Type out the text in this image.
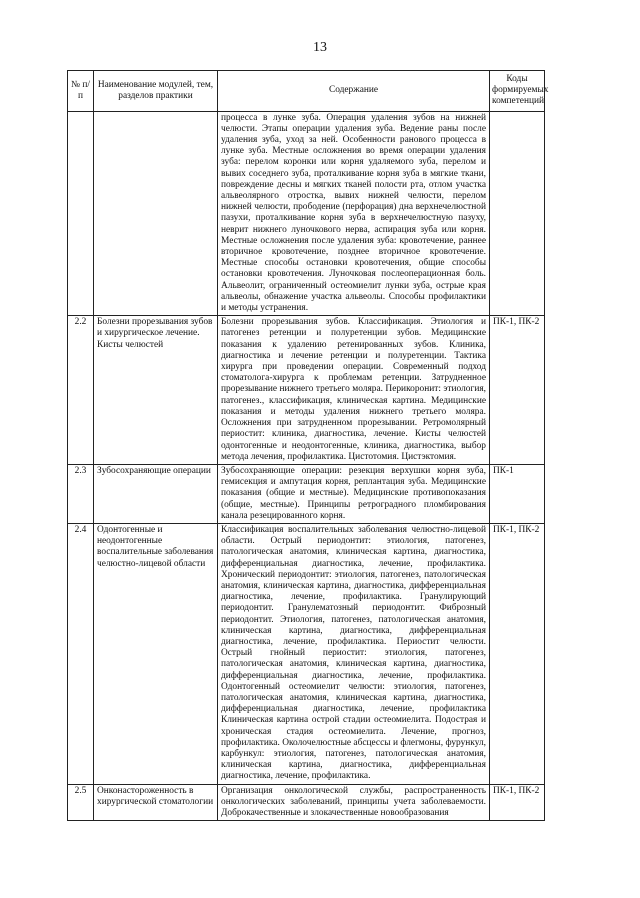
13
№ п/п	Наименование модулей, тем, разделов практики	Содержание	Коды формируемых компетенций
		процесса в лунке зуба. Операция удаления зубов на нижней челюсти. Этапы операции удаления зуба. Ведение раны после удаления зуба, уход за ней. Особенности ранового процесса в лунке зуба. Местные осложнения во время операции удаления зуба: перелом коронки или корня удаляемого зуба, перелом и вывих соседнего зуба, проталкивание корня зуба в мягкие ткани, повреждение десны и мягких тканей полости рта, отлом участка альвеолярного отростка, вывих нижней челюсти, перелом нижней челюсти, прободение (перфорация) дна верхнечелюстной пазухи, проталкивание корня зуба в верхнечелюстную пазуху, неврит нижнего луночкового нерва, аспирация зуба или корня. Местные осложнения после удаления зуба: кровотечение, раннее вторичное кровотечение, позднее вторичное кровотечение. Местные способы остановки кровотечения, общие способы остановки кровотечения. Луночковая послеоперационная боль. Альвеолит, ограниченный остеомиелит лунки зуба, острые края альвеолы, обнажение участка альвеолы. Способы профилактики и методы устранения.	
2.2	Болезни прорезывания зубов и хирургическое лечение. Кисты челюстей	Болезни прорезывания зубов. Классификация. Этиология и патогенез ретенции и полуретенции зубов. Медицинские показания к удалению ретенированных зубов. Клиника, диагностика и лечение ретенции и полуретенции. Тактика хирурга при проведении операции. Современный подход стоматолога-хирурга к проблемам ретенции. Затрудненное прорезывание нижнего третьего моляра. Перикоронит: этиология, патогенез., классификация, клиническая картина. Медицинские показания и методы удаления нижнего третьего моляра. Осложнения при затрудненном прорезывании. Ретромолярный периостит: клиника, диагностика, лечение. Кисты челюстей одонтогенные и неодонтогенные, клиника, диагностика, выбор метода лечения, профилактика. Цистотомия. Цистэктомия.	ПК-1, ПК-2
2.3	Зубосохраняющие операции	Зубосохраняющие операции: резекция верхушки корня зуба, гемисекция и ампутация корня, реплантация зуба. Медицинские показания (общие и местные). Медицинские противопоказания (общие, местные). Принципы ретроградного пломбирования канала резецированного корня.	ПК-1
2.4	Одонтогенные и неодонтогенные воспалительные заболевания челюстно-лицевой области	Классификация воспалительных заболевания челюстно-лицевой области. Острый периодонтит: этиология, патогенез, патологическая анатомия, клиническая картина, диагностика, дифференциальная диагностика, лечение, профилактика. Хронический периодонтит: этиология, патогенез, патологическая анатомия, клиническая картина, диагностика, дифференциальная диагностика, лечение, профилактика. Гранулирующий периодонтит. Гранулематозный периодонтит. Фиброзный периодонтит. Этиология, патогенез, патологическая анатомия, клиническая картина, диагностика, дифференциальная диагностика, лечение, профилактика. Периостит челюсти. Острый гнойный периостит: этиология, патогенез, патологическая анатомия, клиническая картина, диагностика, дифференциальная диагностика, лечение, профилактика. Одонтогенный остеомиелит челюсти: этиология, патогенез, патологическая анатомия, клиническая картина, диагностика, дифференциальная диагностика, лечение, профилактика Клиническая картина острой стадии остеомиелита. Подострая и хроническая стадия остеомиелита. Лечение, прогноз, профилактика. Околочелюстные абсцессы и флегмоны, фурункул, карбункул: этиология, патогенез, патологическая анатомия, клиническая картина, диагностика, дифференциальная диагностика, лечение, профилактика.	ПК-1, ПК-2
2.5	Онконастороженность в хирургической стоматологии	Организация онкологической службы, распространенность онкологических заболеваний, принципы учета заболеваемости. Доброкачественные и злокачественные новообразования	ПК-1, ПК-2
